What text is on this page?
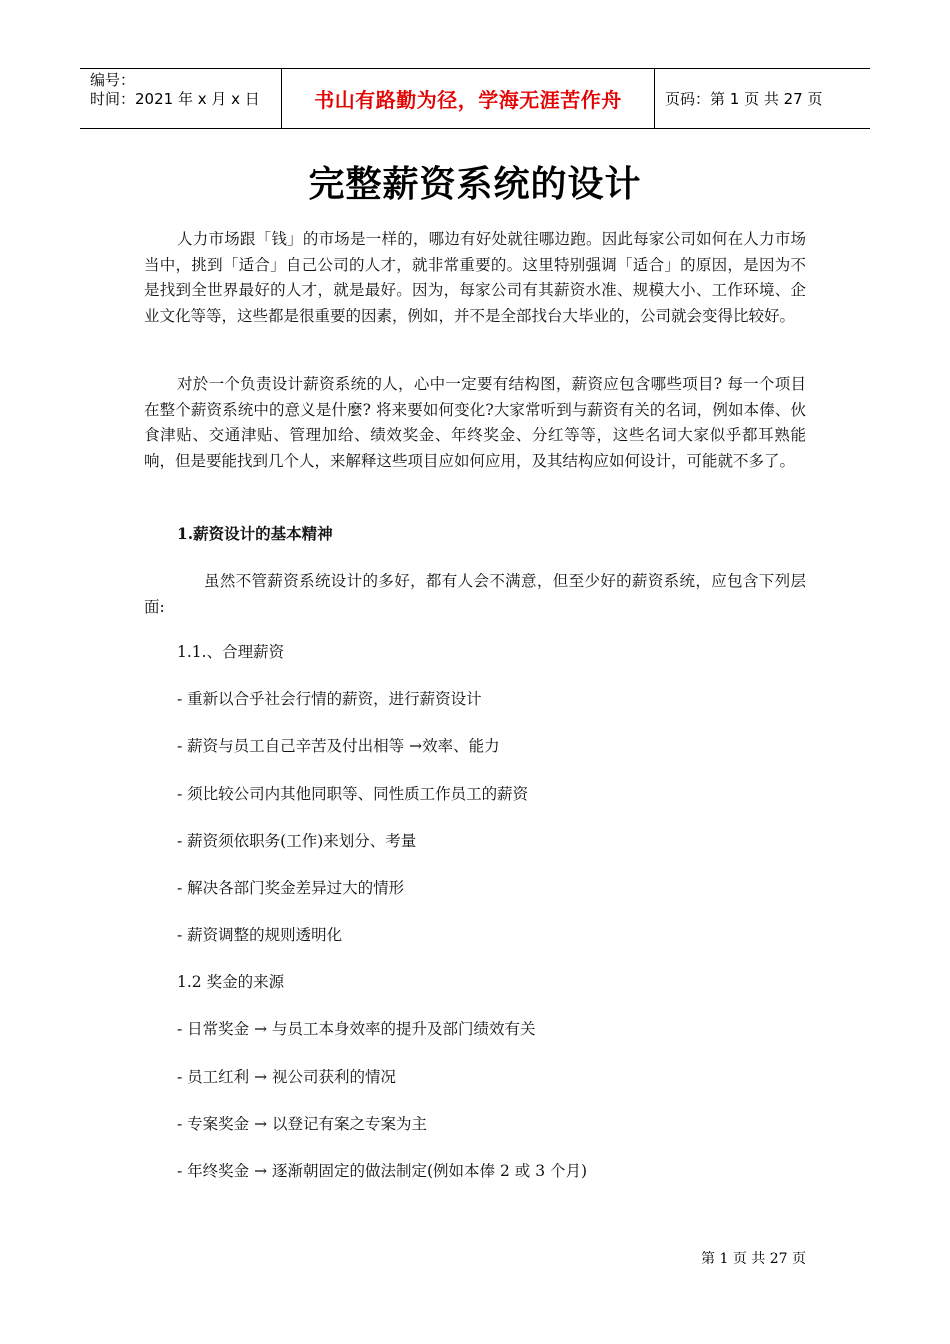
编号：
时间：2021 年 x 月 x 日	书山有路勤为径，学海无涯苦作舟	页码：第 1 页 共 27 页
完整薪资系统的设计

人力市场跟「钱」的市场是一样的，哪边有好处就往哪边跑。因此每家公司如何在人力市场当中，挑到「适合」自己公司的人才，就非常重要的。这里特别强调「适合」的原因，是因为不是找到全世界最好的人才，就是最好。因为，每家公司有其薪资水准、规模大小、工作环境、企业文化等等，这些都是很重要的因素，例如，并不是全部找台大毕业的，公司就会变得比较好。

对於一个负责设计薪资系统的人，心中一定要有结构图，薪资应包含哪些项目? 每一个项目在整个薪资系统中的意义是什麼? 将来要如何变化?大家常听到与薪资有关的名词，例如本俸、伙食津贴、交通津贴、管理加给、绩效奖金、年终奖金、分红等等，这些名词大家似乎都耳熟能响，但是要能找到几个人，来解释这些项目应如何应用，及其结构应如何设计，可能就不多了。

1.薪资设计的基本精神

虽然不管薪资系统设计的多好，都有人会不满意，但至少好的薪资系统，应包含下列层面:

1.1.、合理薪资

- 重新以合乎社会行情的薪资，进行薪资设计

- 薪资与员工自己辛苦及付出相等 →效率、能力

- 须比较公司内其他同职等、同性质工作员工的薪资

- 薪资须依职务(工作)来划分、考量

- 解决各部门奖金差异过大的情形

- 薪资调整的规则透明化

1.2 奖金的来源

- 日常奖金 → 与员工本身效率的提升及部门绩效有关

- 员工红利 → 视公司获利的情况

- 专案奖金 → 以登记有案之专案为主

- 年终奖金 → 逐渐朝固定的做法制定(例如本俸 2 或 3 个月)

第 1 页 共 27 页
